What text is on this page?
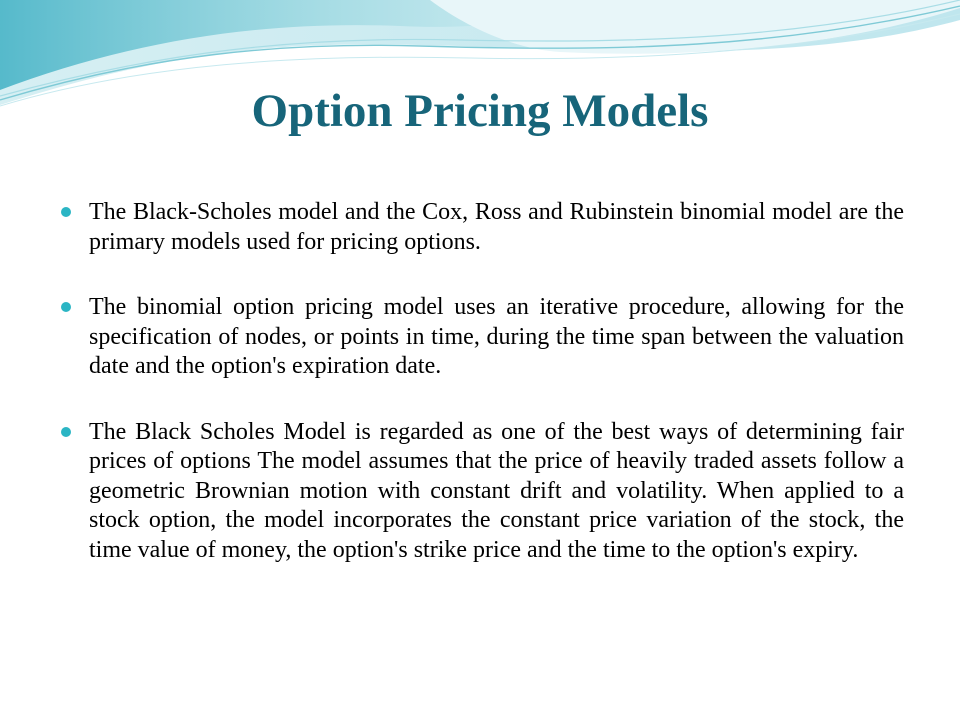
Option Pricing Models
The Black-Scholes model and the Cox, Ross and Rubinstein binomial model are the primary models used for pricing options.
The binomial option pricing model uses an iterative procedure, allowing for the specification of nodes, or points in time, during the time span between the valuation date and the option's expiration date.
The Black Scholes Model is regarded as one of the best ways of determining fair prices of options The model assumes that the price of heavily traded assets follow a geometric Brownian motion with constant drift and volatility. When applied to a stock option, the model incorporates the constant price variation of the stock, the time value of money, the option's strike price and the time to the option's expiry.
